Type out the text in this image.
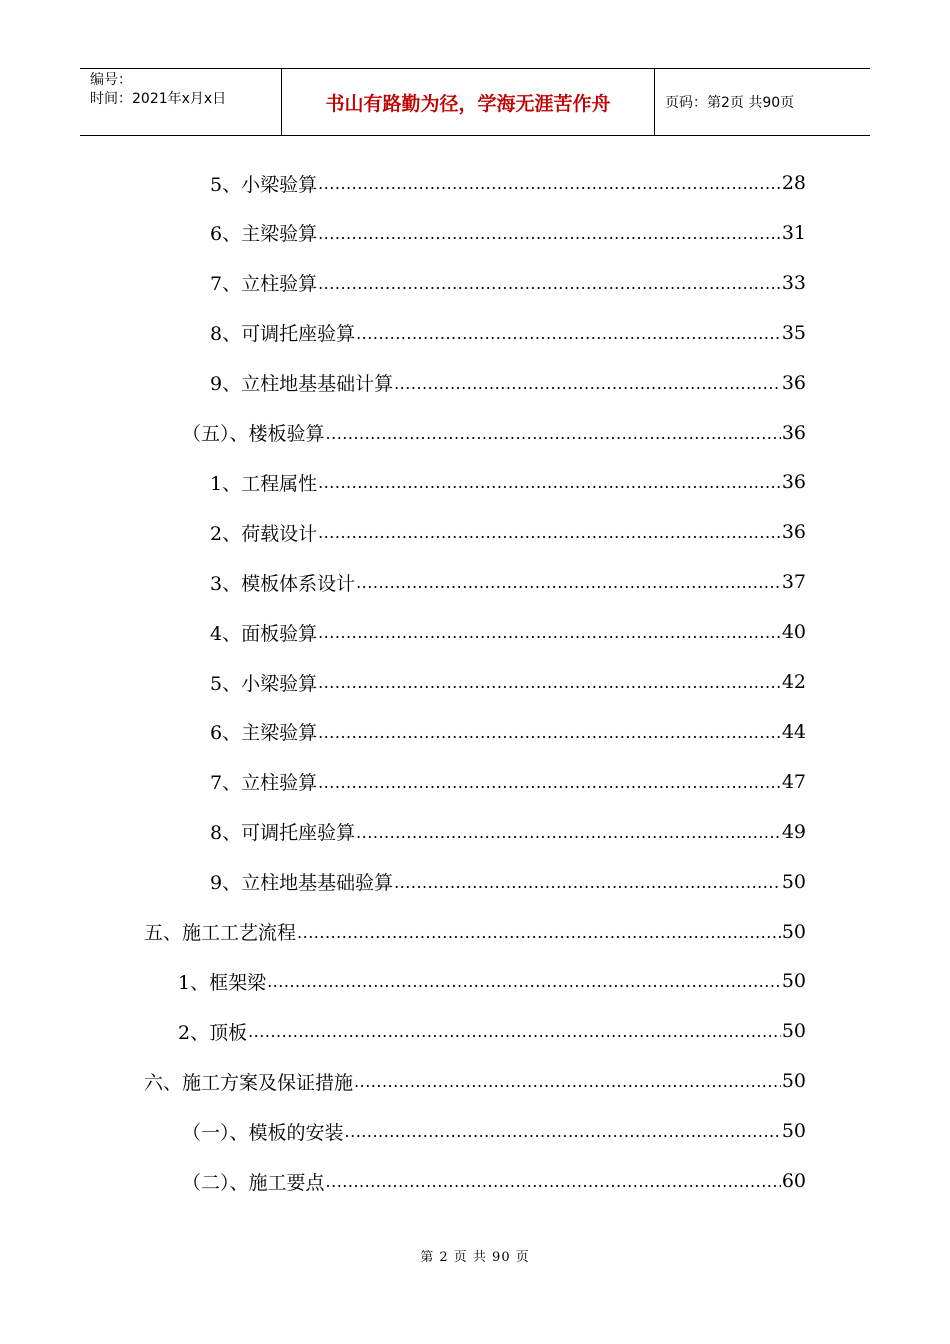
编号：
时间：2021年x月x日	书山有路勤为径，学海无涯苦作舟	页码：第2页 共90页
5、小梁验算 .....	28
6、主梁验算 .....	31
7、立柱验算 .....	33
8、可调托座验算 .....	35
9、立柱地基基础计算 .....	36
（五）、楼板验算 .....	36
1、工程属性 .....	36
2、荷载设计 .....	36
3、模板体系设计 .....	37
4、面板验算 .....	40
5、小梁验算 .....	42
6、主梁验算 .....	44
7、立柱验算 .....	47
8、可调托座验算 .....	49
9、立柱地基基础验算 .....	50
五、施工工艺流程 .....	50
1、框架梁 .....	50
2、顶板 .....	50
六、施工方案及保证措施 .....	50
（一）、模板的安装 .....	50
（二）、施工要点 .....	60
第 2 页 共 90 页
